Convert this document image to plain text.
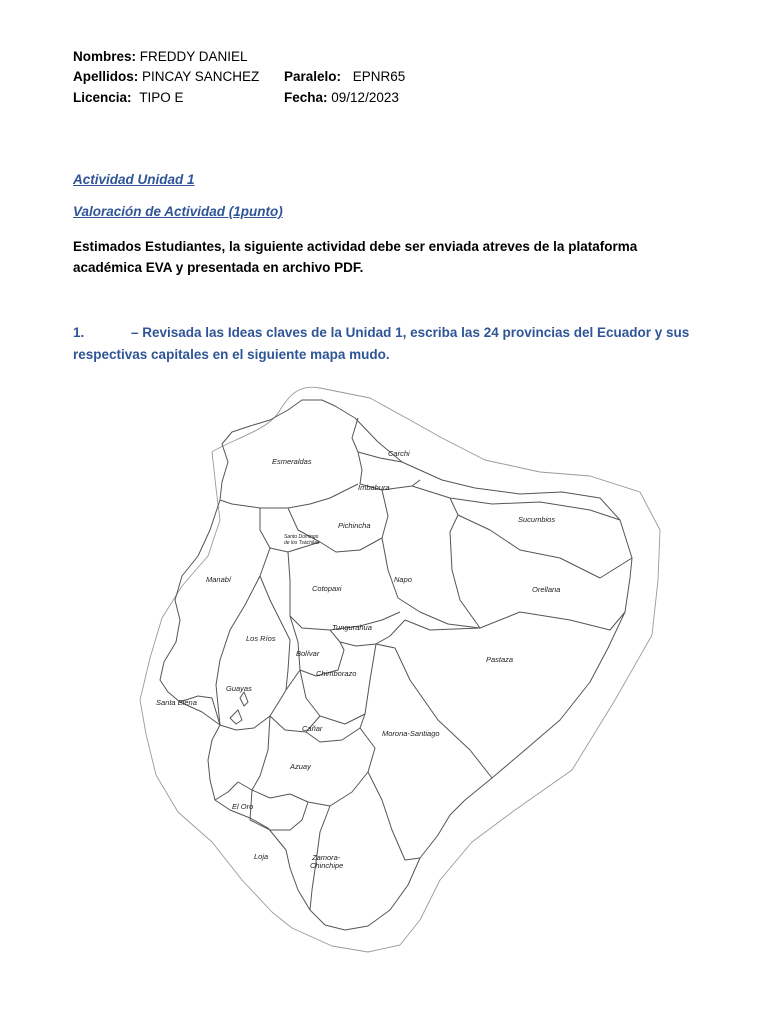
Nombres: FREDDY DANIEL
Apellidos: PINCAY SANCHEZ Paralelo: EPNR65
Licencia: TIPO E	Fecha: 09/12/2023
Actividad Unidad 1
Valoración de Actividad (1punto)
Estimados Estudiantes, la siguiente actividad debe ser enviada atreves de la plataforma
académica EVA y presentada en archivo PDF.
1.	– Revisada las Ideas claves de la Unidad 1, escriba las 24 provincias del Ecuador y sus
respectivas capitales en el siguiente mapa mudo.
Esmeraldas
Carchi
Imbabura
Sucumbios
Pichincha
Santo Domingo
de los Tsáchilas
Manabí	Napo
Orellana
Cotopaxi
Tungurahua
Los Ríos
Bolívar
Pastaza
Chimborazo
Santa Elena
Guayas
Cañar
Morona-Santiago
Azuay
El Oro
Loja	Zamora-
Chinchipe
